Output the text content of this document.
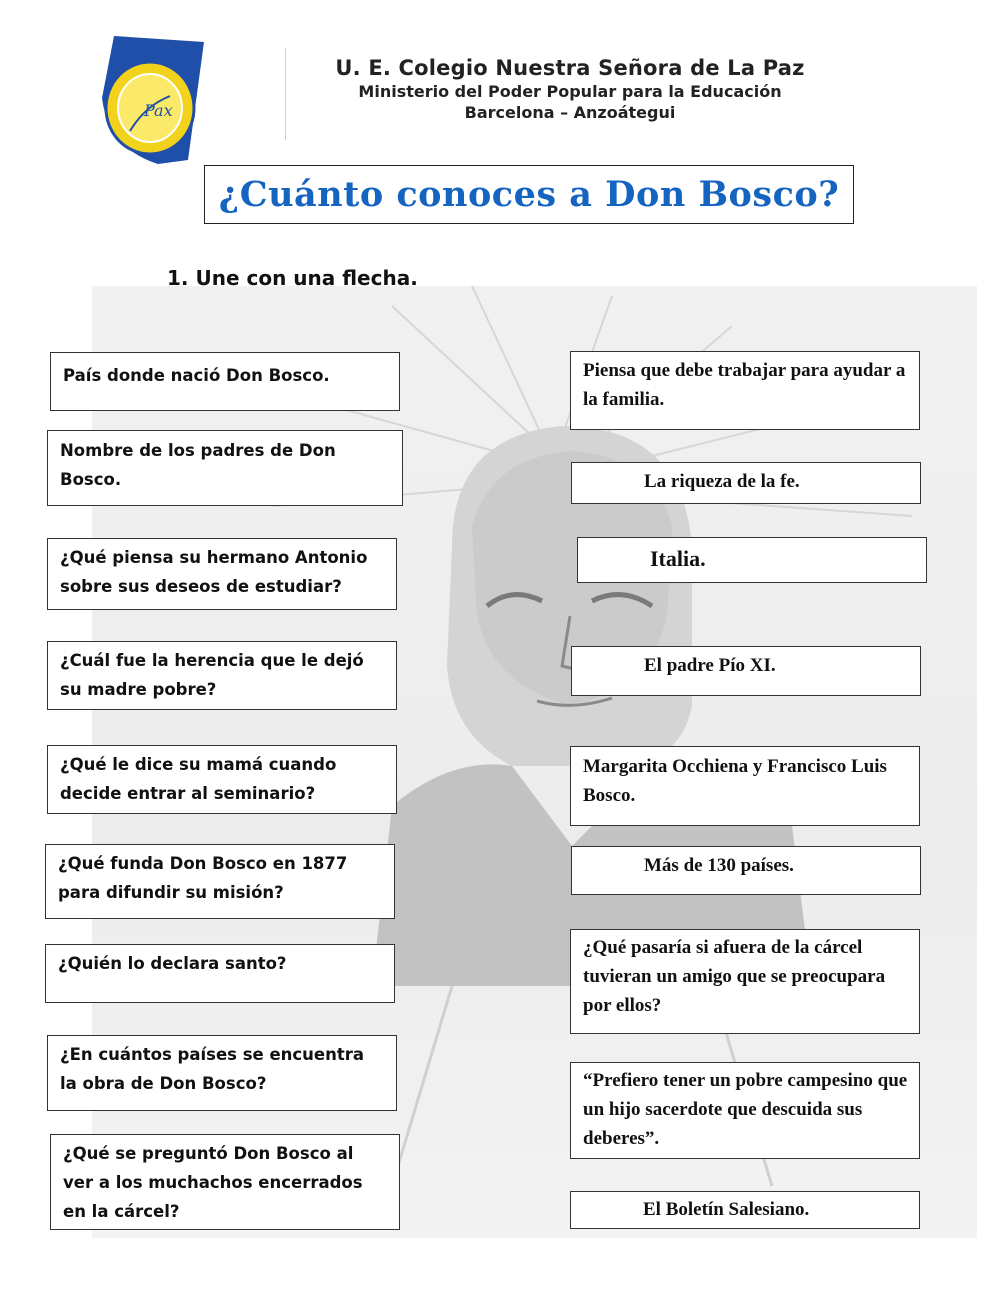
Pax
U. E. Colegio Nuestra Señora de La Paz
Ministerio del Poder Popular para la Educación
Barcelona – Anzoátegui
¿Cuánto conoces a Don Bosco?
1. Une con una flecha.
País donde nació Don Bosco.
Nombre de los padres de Don Bosco.
¿Qué piensa su hermano Antonio sobre sus deseos de estudiar?
¿Cuál fue la herencia que le dejó su madre pobre?
¿Qué le dice su mamá cuando decide entrar al seminario?
¿Qué funda Don Bosco en 1877 para difundir su misión?
¿Quién lo declara santo?
¿En cuántos países se encuentra la obra de Don Bosco?
¿Qué se preguntó Don Bosco al ver a los muchachos encerrados en la cárcel?
Piensa que debe trabajar para ayudar a la familia.
La riqueza de la fe.
Italia.
El padre Pío XI.
Margarita Occhiena y Francisco Luis Bosco.
Más de 130 países.
¿Qué pasaría si afuera de la cárcel tuvieran un amigo que se preocupara por ellos?
“Prefiero tener un pobre campesino que un hijo sacerdote que descuida sus deberes”.
El Boletín Salesiano.
